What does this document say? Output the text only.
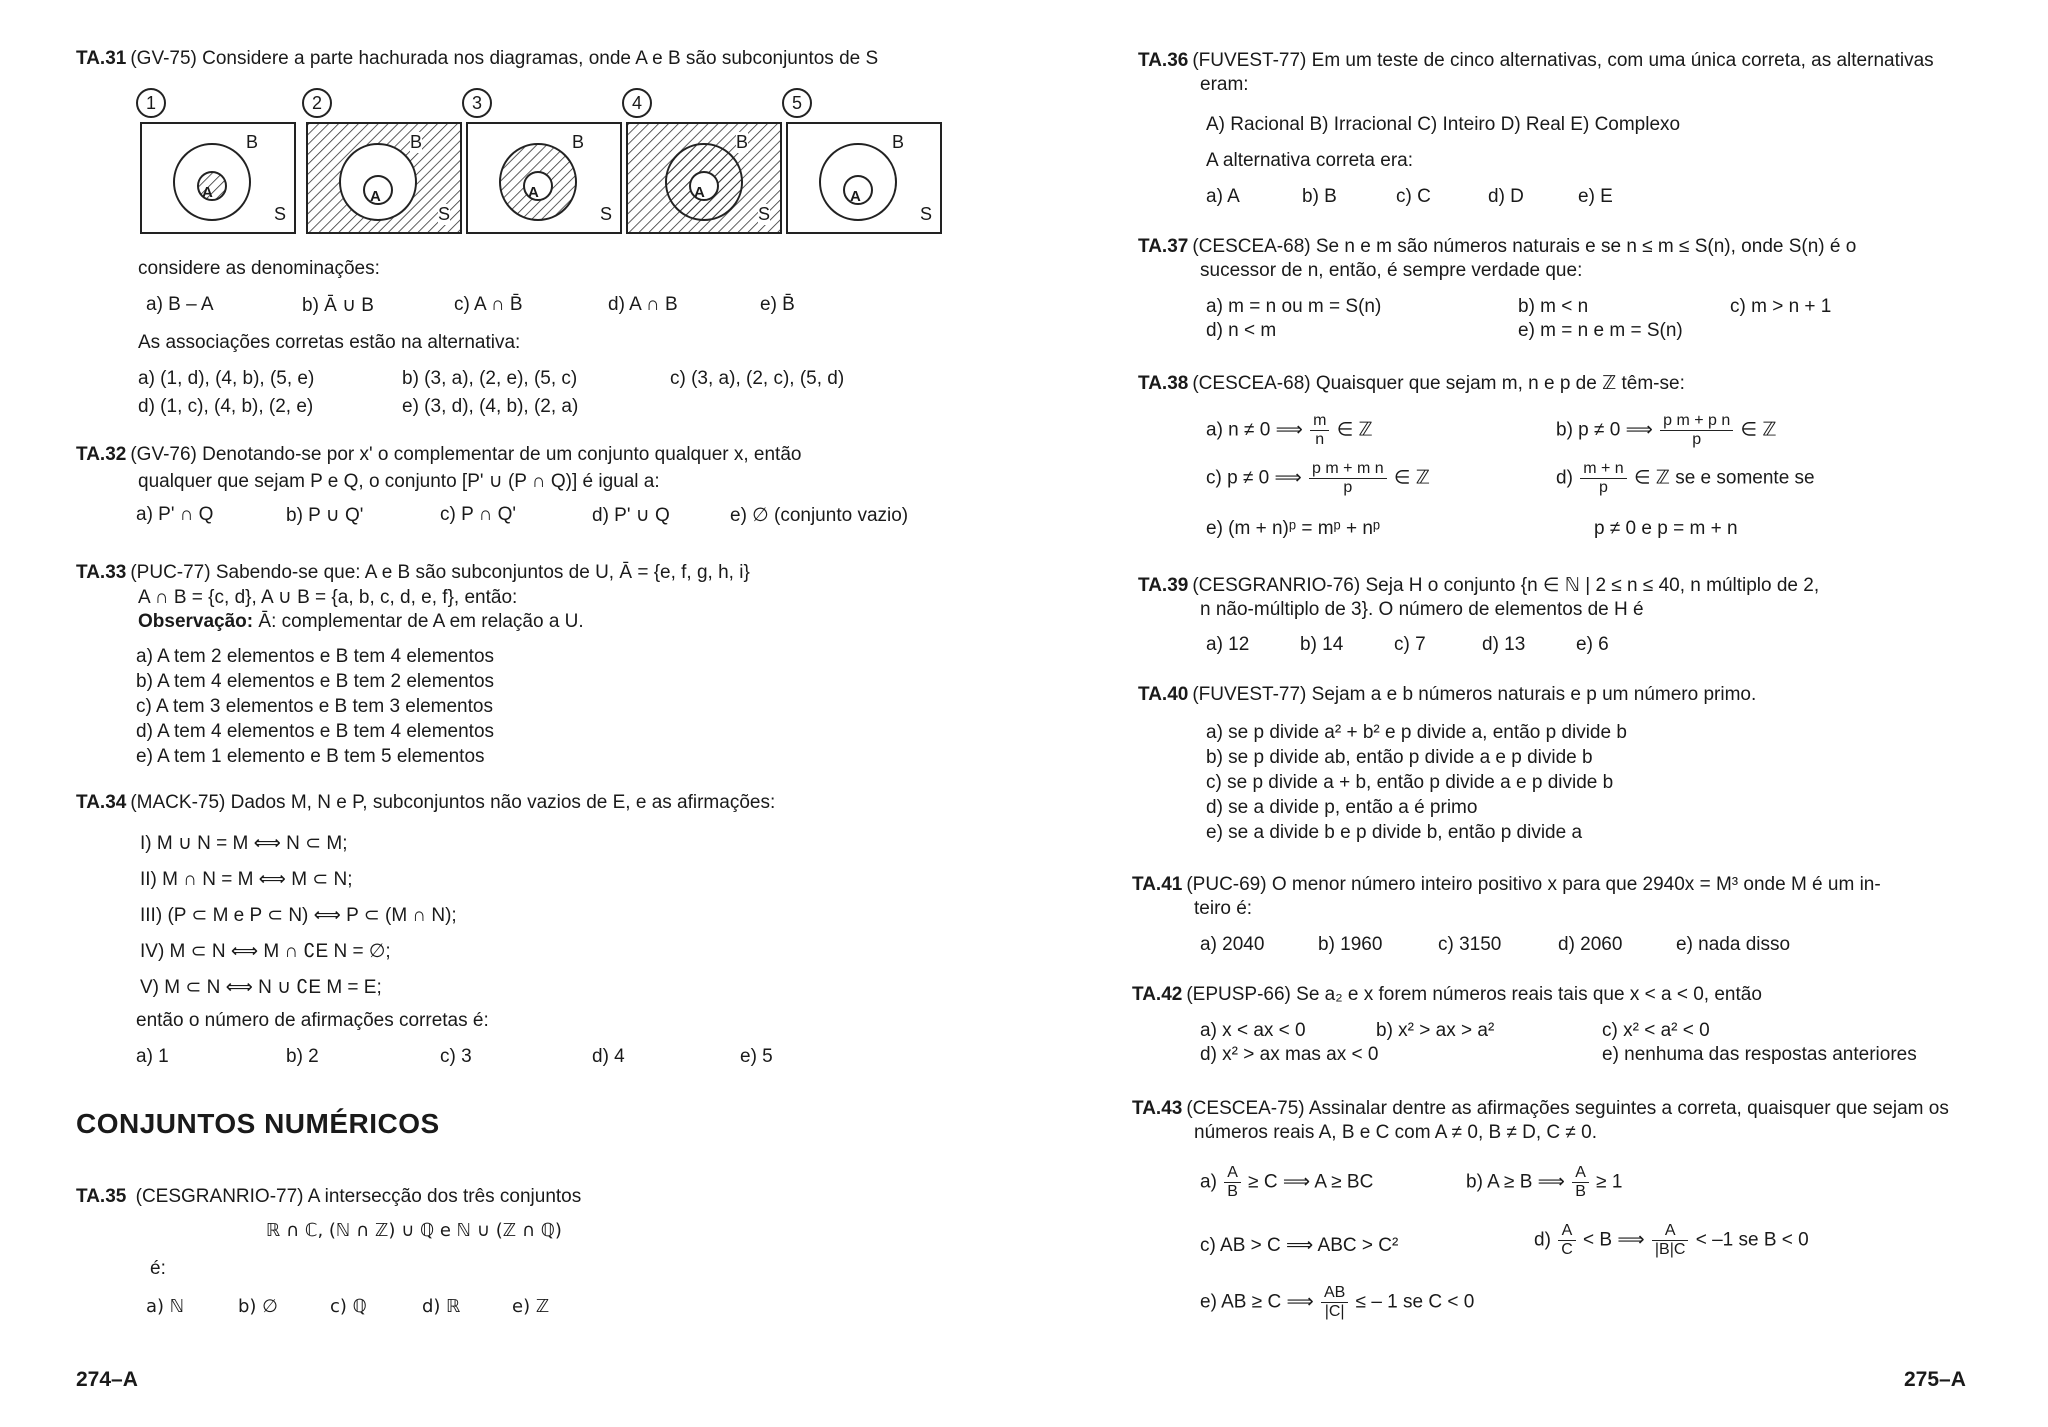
TA.31 (GV-75) Considere a parte hachurada nos diagramas, onde A e B são subconjuntos de S
1
B
A
S
2
B
A
S
3
B
A
S
4
B
A
S
5
B
A
S
considere as denominações:
a) B – A	b) Ā ∪ B	c) A ∩ B̄	d) A ∩ B	e) B̄
As associações corretas estão na alternativa:
a) (1, d), (4, b), (5, e)	b) (3, a), (2, e), (5, c)	c) (3, a), (2, c), (5, d)
d) (1, c), (4, b), (2, e)	e) (3, d), (4, b), (2, a)
TA.32 (GV-76) Denotando-se por x' o complementar de um conjunto qualquer x, então
qualquer que sejam P e Q, o conjunto [P' ∪ (P ∩ Q)] é igual a:
a) P' ∩ Q	b) P ∪ Q'	c) P ∩ Q'	d) P' ∪ Q	e) ∅ (conjunto vazio)
TA.33 (PUC-77) Sabendo-se que: A e B são subconjuntos de U, Ā = {e, f, g, h, i}
A ∩ B = {c, d}, A ∪ B = {a, b, c, d, e, f}, então:
Observação: Ā: complementar de A em relação a U.
a) A tem 2 elementos e B tem 4 elementos
b) A tem 4 elementos e B tem 2 elementos
c) A tem 3 elementos e B tem 3 elementos
d) A tem 4 elementos e B tem 4 elementos
e) A tem 1 elemento e B tem 5 elementos
TA.34 (MACK-75) Dados M, N e P, subconjuntos não vazios de E, e as afirmações:
I) M ∪ N = M ⟺ N ⊂ M;
II) M ∩ N = M ⟺ M ⊂ N;
III) (P ⊂ M e P ⊂ N) ⟺ P ⊂ (M ∩ N);
IV) M ⊂ N ⟺ M ∩ ∁E N = ∅;
V) M ⊂ N ⟺ N ∪ ∁E M = E;
então o número de afirmações corretas é:
a) 1	b) 2	c) 3	d) 4	e) 5
CONJUNTOS NUMÉRICOS
TA.35 (CESGRANRIO-77) A intersecção dos três conjuntos
ℝ ∩ ℂ, (ℕ ∩ ℤ) ∪ ℚ e ℕ ∪ (ℤ ∩ ℚ)
é:
a) ℕ	b) ∅	c) ℚ	d) ℝ	e) ℤ
274–A
TA.36 (FUVEST-77) Em um teste de cinco alternativas, com uma única correta, as alternativas
eram:
A) Racional B) Irracional C) Inteiro D) Real E) Complexo
A alternativa correta era:
a) A	b) B	c) C	d) D	e) E
TA.37 (CESCEA-68) Se n e m são números naturais e se n ≤ m ≤ S(n), onde S(n) é o
sucessor de n, então, é sempre verdade que:
a) m = n ou m = S(n)	b) m < n	c) m > n + 1
d) n < m	e) m = n e m = S(n)
TA.38 (CESCEA-68) Quaisquer que sejam m, n e p de ℤ têm-se:
a) n ≠ 0 ⟹ $\frac{m}{n}$ ∈ ℤ	b) p ≠ 0 ⟹ $\frac{\text{p m + p n}}{p}$ ∈ ℤ
c) p ≠ 0 ⟹ $\frac{\text{p m + m n}}{p}$ ∈ ℤ	$d) \frac{m + n}{p}$ ∈ ℤ se e somente se
e) (m + n)ᵖ = mᵖ + nᵖ	p ≠ 0 e p = m + n
TA.39 (CESGRANRIO-76) Seja H o conjunto {n ∈ ℕ | 2 ≤ n ≤ 40, n múltiplo de 2,
n não-múltiplo de 3}. O número de elementos de H é
a) 12	b) 14	c) 7	d) 13	e) 6
TA.40 (FUVEST-77) Sejam a e b números naturais e p um número primo.
a) se p divide a² + b² e p divide a, então p divide b
b) se p divide ab, então p divide a e p divide b
c) se p divide a + b, então p divide a e p divide b
d) se a divide p, então a é primo
e) se a divide b e p divide b, então p divide a
TA.41 (PUC-69) O menor número inteiro positivo x para que 2940x = M³ onde M é um in-
teiro é:
a) 2040	b) 1960	c) 3150	d) 2060	e) nada disso
TA.42 (EPUSP-66) Se a₂ e x forem números reais tais que x < a < 0, então
a) x < ax < 0	b) x² > ax > a²	c) x² < a² < 0
d) x² > ax mas ax < 0	e) nenhuma das respostas anteriores
TA.43 (CESCEA-75) Assinalar dentre as afirmações seguintes a correta, quaisquer que sejam os
números reais A, B e C com A ≠ 0, B ≠ D, C ≠ 0.
$a) \frac{A}{B} \ge C$ ⟹ A ≥ BC	b) A ≥ B ⟹ $\frac{A}{B} \ge 1$
c) AB > C ⟹ ABC > C²	$d) \frac{A}{C} < B$ ⟹ $\frac{A}{|B|C} < -1$ se B < 0
e) AB ≥ C ⟹ $\frac{AB}{|C|}$ ≤ – 1 se C < 0
275–A
